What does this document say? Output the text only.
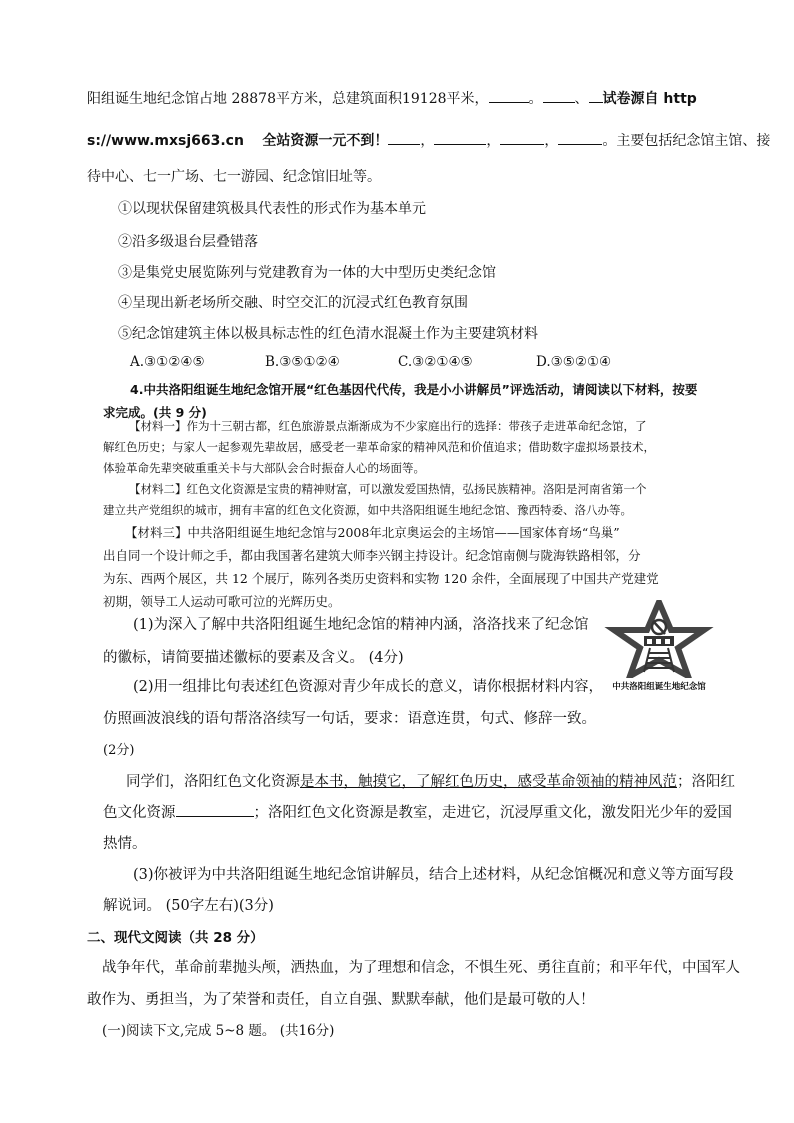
阳组诞生地纪念馆占地 28878平方米，总建筑面积19128平米，	。 、 试卷源自 http
s://www.mxsj663.cn 全站资源一元不到！ ，	，	，	。主要包括纪念馆主馆、接
待中心、七一广场、七一游园、纪念馆旧址等。
①以现状保留建筑极具代表性的形式作为基本单元
②沿多级退台层叠错落
③是集党史展览陈列与党建教育为一体的大中型历史类纪念馆
④呈现出新老场所交融、时空交汇的沉浸式红色教育氛围
⑤纪念馆建筑主体以极具标志性的红色清水混凝土作为主要建筑材料
A.③①②④⑤	B.③⑤①②④	C.③②①④⑤	D.③⑤②①④
4.中共洛阳组诞生地纪念馆开展“红色基因代代传，我是小小讲解员”评选活动，请阅读以下材料，按要
求完成。(共 9 分)
【材料一】作为十三朝古都，红色旅游景点渐渐成为不少家庭出行的选择：带孩子走进革命纪念馆，了
解红色历史；与家人一起参观先辈故居，感受老一辈革命家的精神风范和价值追求；借助数字虚拟场景技术，
体验革命先辈突破重重关卡与大部队会合时振奋人心的场面等。
【材料二】红色文化资源是宝贵的精神财富，可以激发爱国热情，弘扬民族精神。洛阳是河南省第一个
建立共产党组织的城市，拥有丰富的红色文化资源，如中共洛阳组诞生地纪念馆、豫西特委、洛八办等。
【材料三】中共洛阳组诞生地纪念馆与2008年北京奥运会的主场馆——国家体育场“鸟巢”
出自同一个设计师之手，都由我国著名建筑大师李兴钢主持设计。纪念馆南侧与陇海铁路相邻，分
为东、西两个展区，共 12 个展厅，陈列各类历史资料和实物 120 余件，全面展现了中国共产党建党
初期，领导工人运动可歌可泣的光辉历史。
中共洛阳组诞生地纪念馆
(1)为深入了解中共洛阳组诞生地纪念馆的精神内涵，洛洛找来了纪念馆
的徽标，请简要描述徽标的要素及含义。 (4分)
(2)用一组排比句表述红色资源对青少年成长的意义，请你根据材料内容，
仿照画波浪线的语句帮洛洛续写一句话，要求：语意连贯，句式、修辞一致。
(2分)
同学们，洛阳红色文化资源是本书，触摸它，了解红色历史，感受革命领袖的精神风范；洛阳红
色文化资源	；洛阳红色文化资源是教室，走进它，沉浸厚重文化，激发阳光少年的爱国
热情。
(3)你被评为中共洛阳组诞生地纪念馆讲解员，结合上述材料，从纪念馆概况和意义等方面写段
解说词。 (50字左右)(3分)
二、现代文阅读（共 28 分）
战争年代，革命前辈抛头颅，洒热血，为了理想和信念，不惧生死、勇往直前；和平年代，中国军人
敢作为、勇担当，为了荣誉和责任，自立自强、默默奉献，他们是最可敬的人！
(一)阅读下文,完成 5~8 题。 (共16分)
